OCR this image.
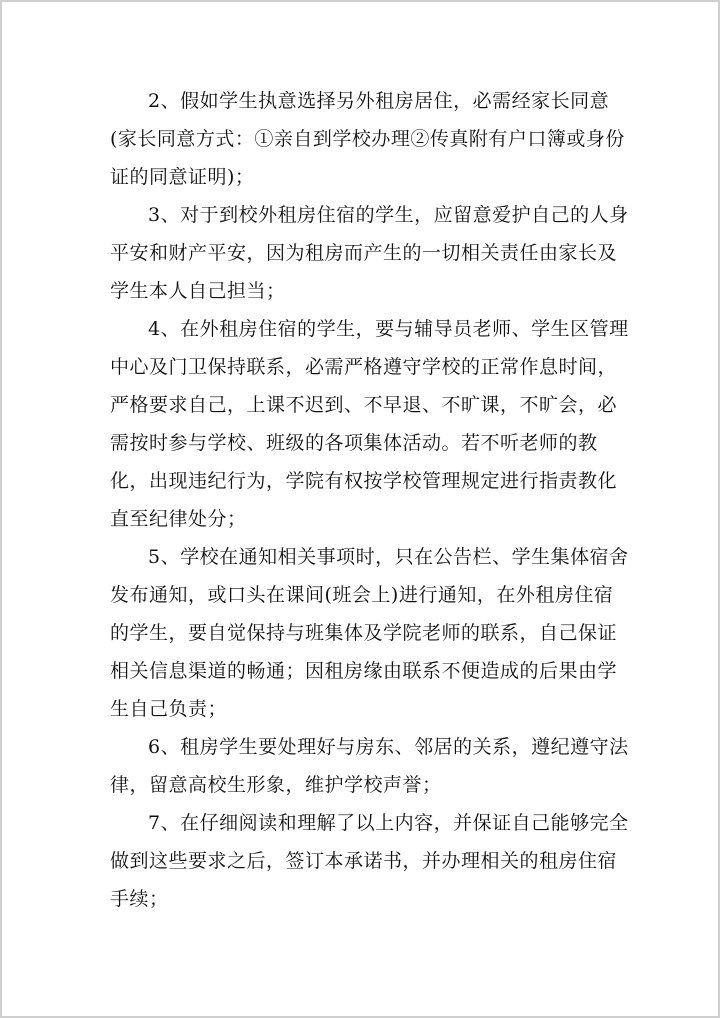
2、假如学生执意选择另外租房居住，必需经家长同意(家长同意方式：①亲自到学校办理②传真附有户口簿或身份证的同意证明)；

3、对于到校外租房住宿的学生，应留意爱护自己的人身平安和财产平安，因为租房而产生的一切相关责任由家长及学生本人自己担当；

4、在外租房住宿的学生，要与辅导员老师、学生区管理中心及门卫保持联系，必需严格遵守学校的正常作息时间，严格要求自己，上课不迟到、不早退、不旷课，不旷会，必需按时参与学校、班级的各项集体活动。若不听老师的教化，出现违纪行为，学院有权按学校管理规定进行指责教化直至纪律处分；

5、学校在通知相关事项时，只在公告栏、学生集体宿舍发布通知，或口头在课间(班会上)进行通知，在外租房住宿的学生，要自觉保持与班集体及学院老师的联系，自己保证相关信息渠道的畅通；因租房缘由联系不便造成的后果由学生自己负责；

6、租房学生要处理好与房东、邻居的关系，遵纪遵守法律，留意高校生形象，维护学校声誉；

7、在仔细阅读和理解了以上内容，并保证自己能够完全做到这些要求之后，签订本承诺书，并办理相关的租房住宿手续；
